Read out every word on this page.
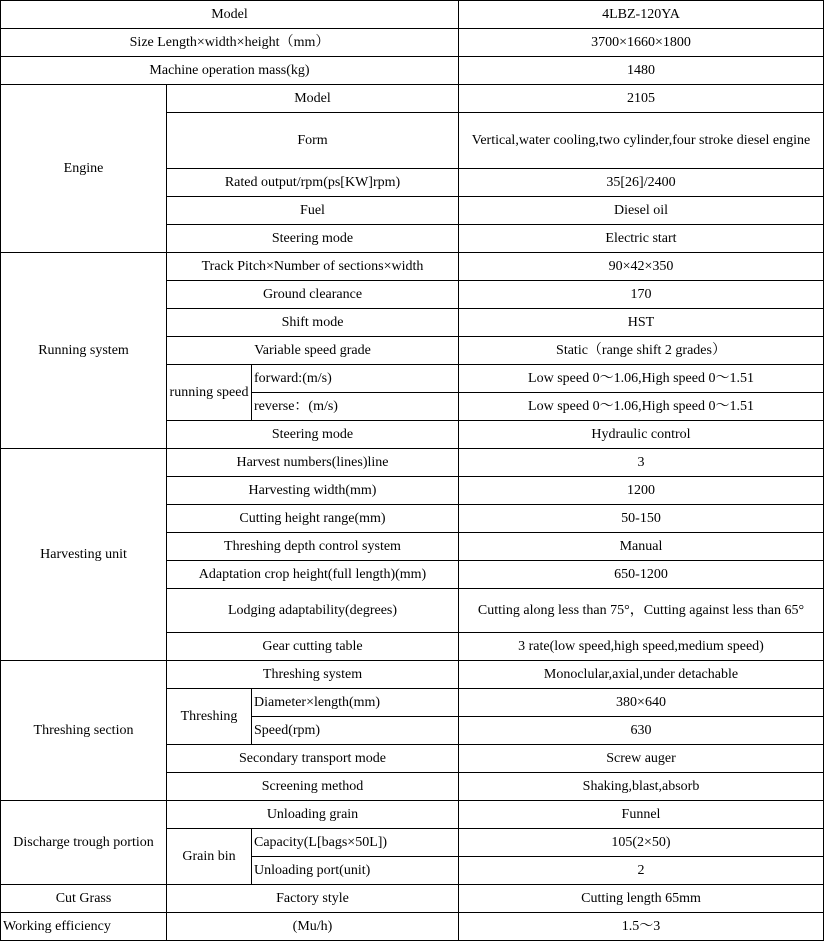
Model			4LBZ-120YA
Size Length×width×height（mm）			3700×1660×1800
Machine operation mass(kg)			1480
Engine	Model		2105
	Form		Vertical,water cooling,two cylinder,four stroke diesel engine
	Rated output/rpm(ps[KW]rpm)		35[26]/2400
	Fuel		Diesel oil
	Steering mode		Electric start
Running system	Track Pitch×Number of sections×width		90×42×350
	Ground clearance		170
	Shift mode		HST
	Variable speed grade		Static（range shift 2 grades）
	running speed	forward:(m/s)	Low speed 0～1.06,High speed 0～1.51
		reverse：(m/s)	Low speed 0～1.06,High speed 0～1.51
	Steering mode		Hydraulic control
Harvesting unit	Harvest numbers(lines)line		3
	Harvesting width(mm)		1200
	Cutting height range(mm)		50-150
	Threshing depth control system		Manual
	Adaptation crop height(full length)(mm)		650-1200
	Lodging adaptability(degrees)		Cutting along less than 75°，Cutting against less than 65°
	Gear cutting table		3 rate(low speed,high speed,medium speed)
Threshing section	Threshing system		Monoclular,axial,under detachable
	Threshing	Diameter×length(mm)	380×640
		Speed(rpm)	630
	Secondary transport mode		Screw auger
	Screening method		Shaking,blast,absorb
Discharge trough portion	Unloading grain		Funnel
	Grain bin	Capacity(L[bags×50L])	105(2×50)
		Unloading port(unit)	2
Cut Grass	Factory style		Cutting length 65mm
Working efficiency	(Mu/h)		1.5～3
